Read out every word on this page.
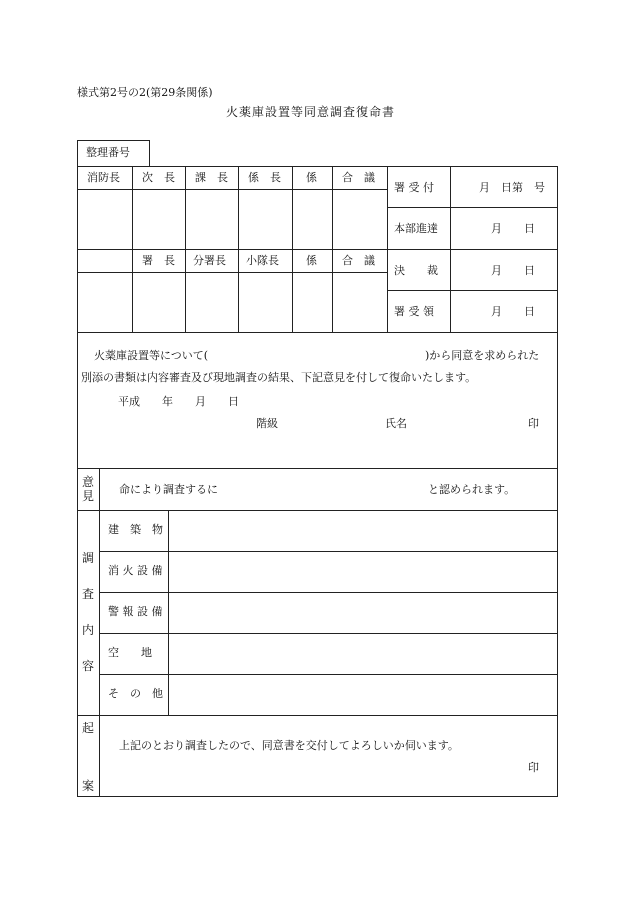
様式第2号の2(第29条関係)
火薬庫設置等同意調査復命書
整理番号
消防長 次　長 課　長 係　長 係 合　議
署　長 分署長 小隊長 係 合　議
署 受 付	月　日第　号
本部進達	月　　日
決　　裁	月　　日
署 受 領	月　　日
火薬庫設置等について(	)から同意を求められた
別添の書類は内容審査及び現地調査の結果、下記意見を付して復命いたします。
平成　　年　　月　　日
階級	氏名	印
意
見 命により調査するに	と認められます。
調
査
内
容
建　築　物
消 火 設 備
警 報 設 備
空　　地
そ　の　他
起
案
上記のとおり調査したので、同意書を交付してよろしいか伺います。
印
